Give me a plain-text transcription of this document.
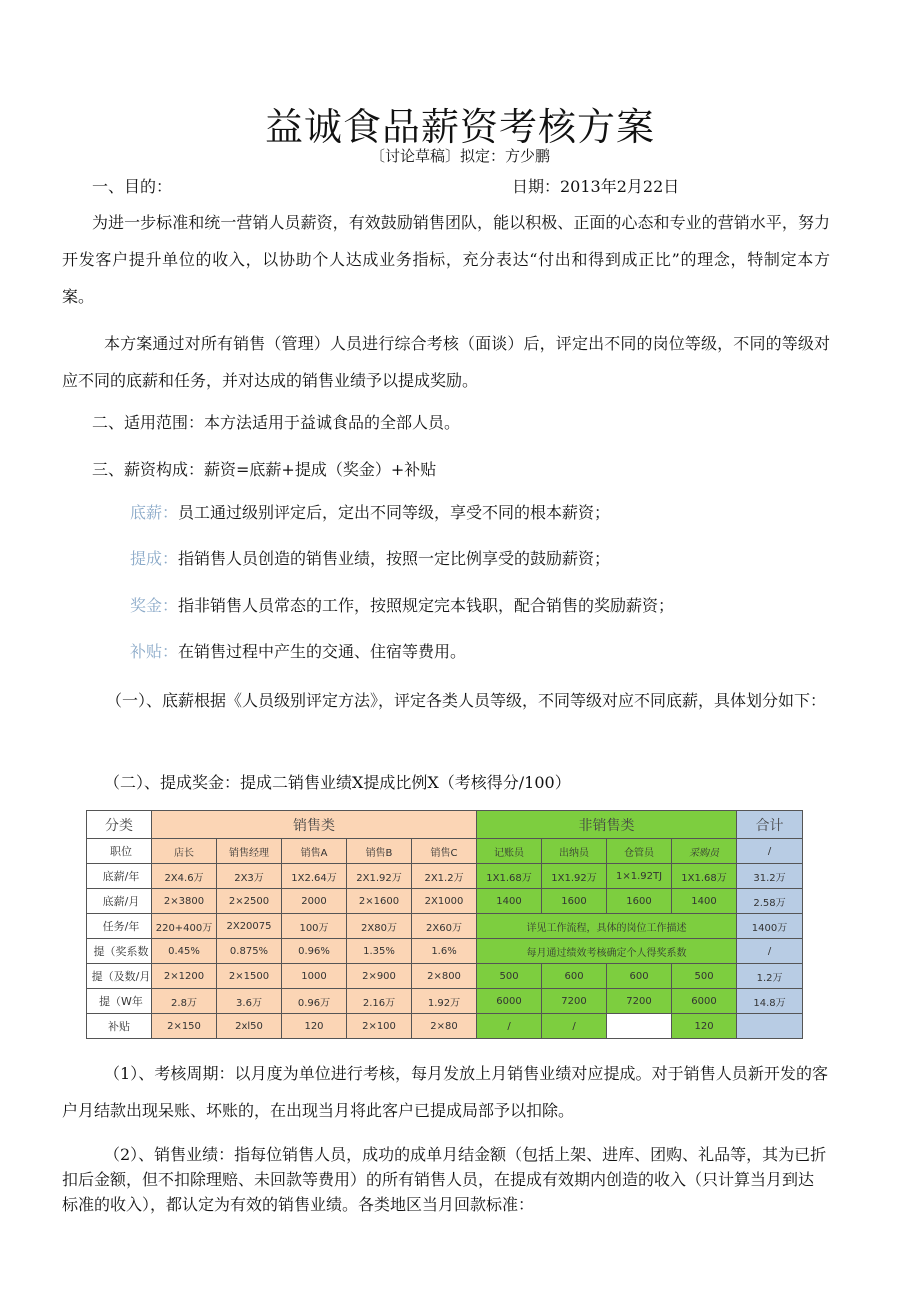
益诚食品薪资考核方案
〔讨论草稿〕拟定：方少鹏
一、目的：	日期：2013年2月22日
为进一步标准和统一营销人员薪资，有效鼓励销售团队，能以积极、正面的心态和专业的营销水平，努力开发客户提升单位的收入，以协助个人达成业务指标，充分表达“付出和得到成正比”的理念，特制定本方案。
本方案通过对所有销售（管理）人员进行综合考核（面谈）后，评定出不同的岗位等级，不同的等级对应不同的底薪和任务，并对达成的销售业绩予以提成奖励。
二、适用范围：本方法适用于益诚食品的全部人员。
三、薪资构成：薪资=底薪+提成（奖金）+补贴
底薪：员工通过级别评定后，定出不同等级，享受不同的根本薪资；
提成：指销售人员创造的销售业绩，按照一定比例享受的鼓励薪资；
奖金：指非销售人员常态的工作，按照规定完本钱职，配合销售的奖励薪资；
补贴：在销售过程中产生的交通、住宿等费用。
（一）、底薪根据《人员级别评定方法》，评定各类人员等级，不同等级对应不同底薪，具体划分如下：
（二）、提成奖金：提成二销售业绩X提成比例X（考核得分/100）
分类	销售类					非销售类				合计
职位	店长	销售经理	销售A	销售B	销售C	记账员	出纳员	仓管员	采购员	/
底薪/年	2X4.6万	2X3万	1X2.64万	2X1.92万	2X1.2万	1X1.68万	1X1.92万	1×1.92TJ	1X1.68万	31.2万
底薪/月	2×3800	2×2500	2000	2×1600	2X1000	1400	1600	1600	1400	2.58万
任务/年	220+400万	2X20075	100万	2X80万	2X60万	详见工作流程，具体的岗位工作描述				1400万
提（奖系数	0.45%	0.875%	0.96%	1.35%	1.6%	每月通过绩效考核确定个人得奖系数				/
提（及数/月	2×1200	2×1500	1000	2×900	2×800	500	600	600	500	1.2万
提（W年	2.8万	3.6万	0.96万	2.16万	1.92万	6000	7200	7200	6000	14.8万
补贴	2×150	2xl50	120	2×100	2×80	/	/		120	
（1）、考核周期：以月度为单位进行考核，每月发放上月销售业绩对应提成。对于销售人员新开发的客户月结款出现呆账、坏账的，在出现当月将此客户已提成局部予以扣除。
（2）、销售业绩：指每位销售人员，成功的成单月结金额（包括上架、进库、团购、礼品等，其为已折扣后金额，但不扣除理赔、未回款等费用）的所有销售人员，在提成有效期内创造的收入（只计算当月到达标准的收入），都认定为有效的销售业绩。各类地区当月回款标准：
